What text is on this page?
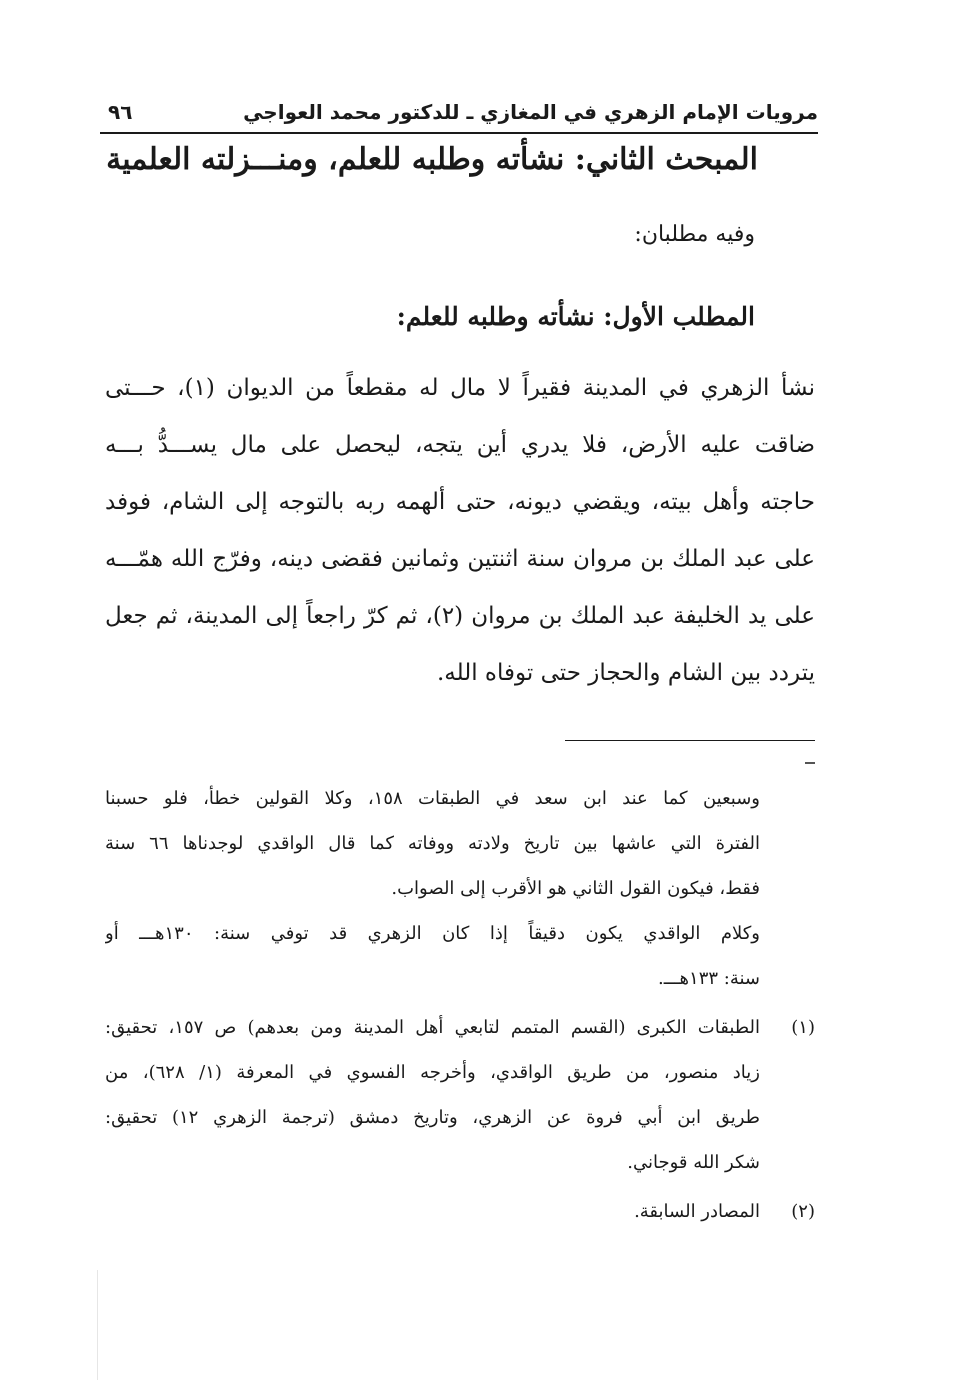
مرويات الإمام الزهري في المغازي ـ للدكتور محمد العواجي
٩٦
المبحث الثاني: نشأته وطلبه للعلم، ومنـــزلته العلمية
وفيه مطلبان:
المطلب الأول: نشأته وطلبه للعلم:
نشأ الزهري في المدينة فقيراً لا مال له مقطعاً من الديوان (١)، حـــتى
ضاقت عليه الأرض، فلا يدري أين يتجه، ليحصل على مال يســـدُّ بـــه
حاجته وأهل بيته، ويقضي ديونه، حتى ألهمه ربه بالتوجه إلى الشام، فوفد
على عبد الملك بن مروان سنة اثنتين وثمانين فقضى دينه، وفرّج الله همّـــه
على يد الخليفة عبد الملك بن مروان (٢)، ثم كرّ راجعاً إلى المدينة، ثم جعل
يتردد بين الشام والحجاز حتى توفاه الله.
وسبعين كما عند ابن سعد في الطبقات ١٥٨، وكلا القولين خطأ، فلو حسبنا
الفترة التي عاشها بين تاريخ ولادته ووفاته كما قال الواقدي لوجدناها ٦٦ سنة
فقط، فيكون القول الثاني هو الأقرب إلى الصواب.
وكلام الواقدي يكون دقيقاً إذا كان الزهري قد توفي سنة: ١٣٠هـــ أو
سنة: ١٣٣هـــ.
(١)
الطبقات الكبرى (القسم المتمم لتابعي أهل المدينة ومن بعدهم) ص ١٥٧، تحقيق:
زياد منصور، من طريق الواقدي، وأخرجه الفسوي في المعرفة (١/ ٦٢٨)، من
طريق ابن أبي فروة عن الزهري، وتاريخ دمشق (ترجمة الزهري ١٢) تحقيق:
شكر الله قوجاني.
(٢)
المصادر السابقة.
